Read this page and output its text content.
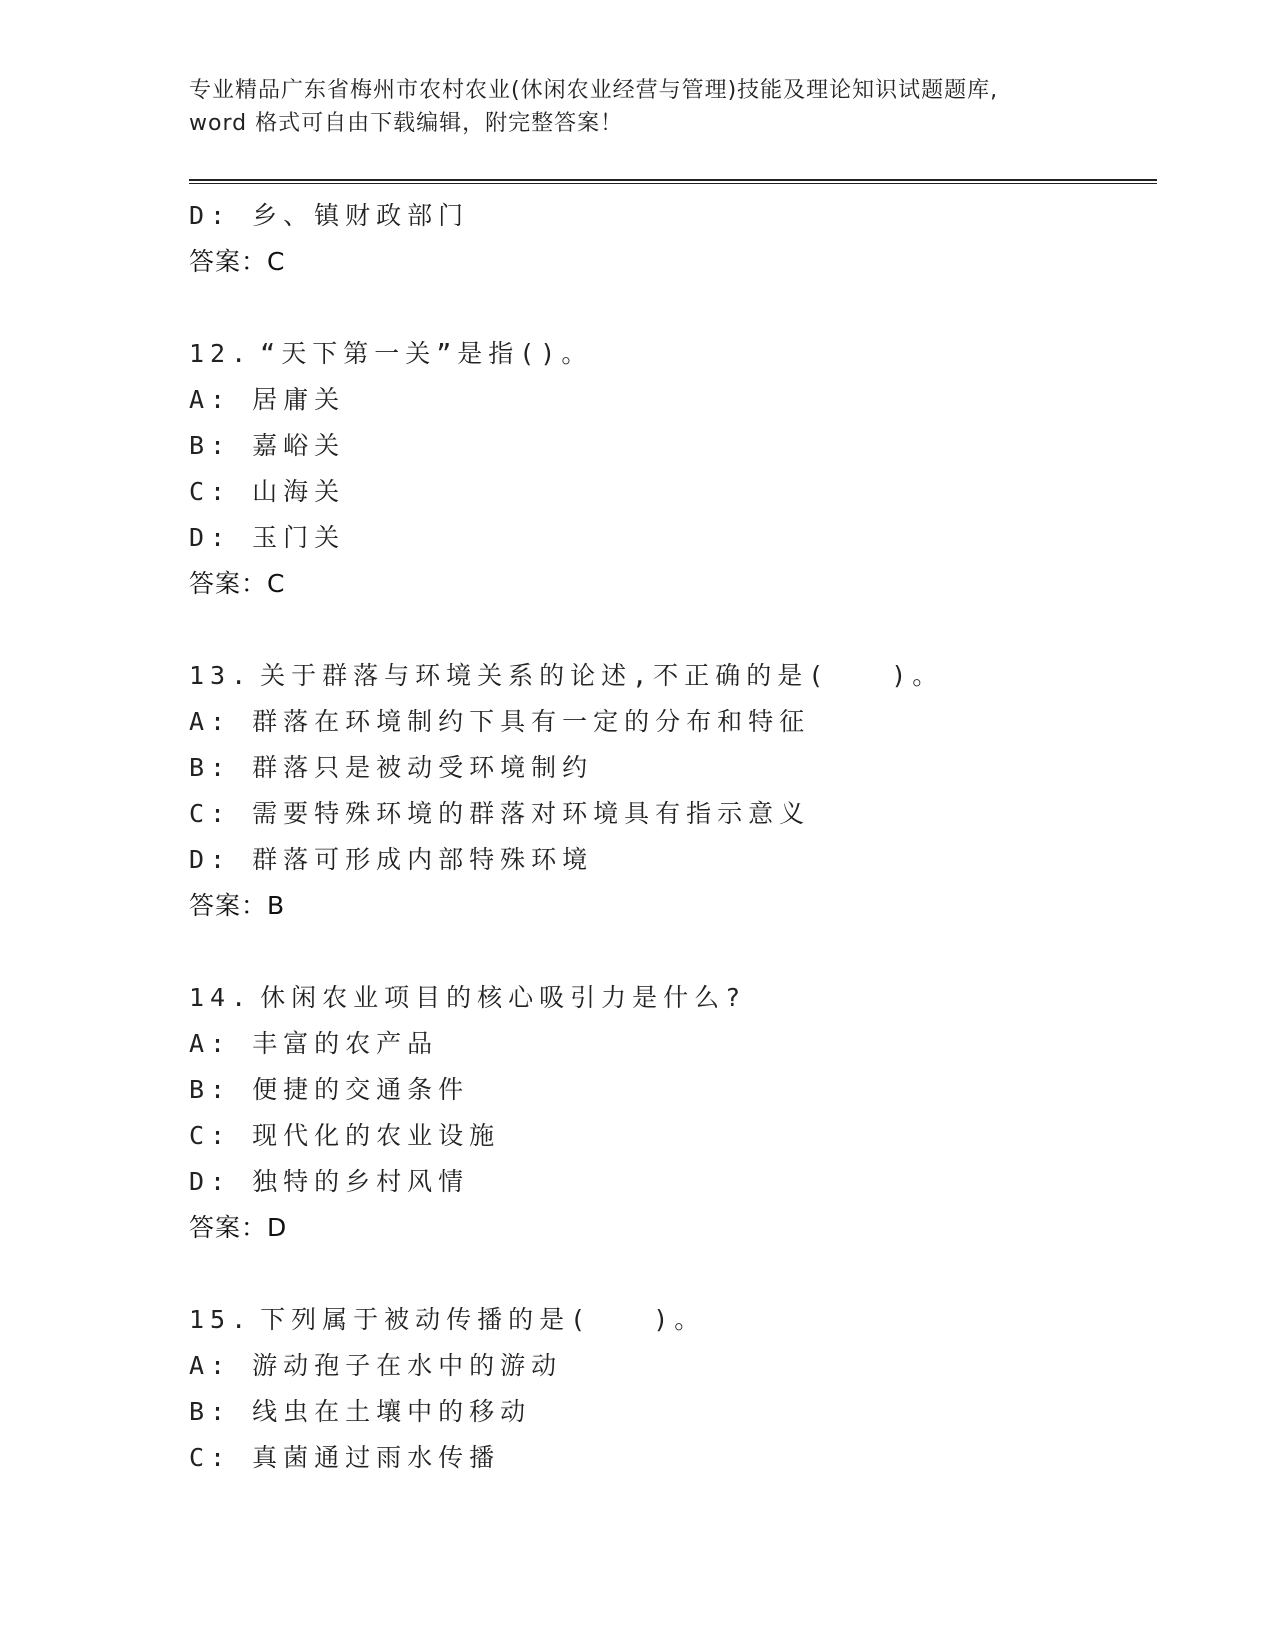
专业精品广东省梅州市农村农业(休闲农业经营与管理)技能及理论知识试题题库,
word 格式可自由下载编辑，附完整答案！
D: 乡、镇财政部门
答案：C
12. “天下第一关”是指()。
A: 居庸关
B: 嘉峪关
C: 山海关
D: 玉门关
答案：C
13. 关于群落与环境关系的论述,不正确的是(　　)。
A: 群落在环境制约下具有一定的分布和特征
B: 群落只是被动受环境制约
C: 需要特殊环境的群落对环境具有指示意义
D: 群落可形成内部特殊环境
答案：B
14. 休闲农业项目的核心吸引力是什么?
A: 丰富的农产品
B: 便捷的交通条件
C: 现代化的农业设施
D: 独特的乡村风情
答案：D
15. 下列属于被动传播的是(　　)。
A: 游动孢子在水中的游动
B: 线虫在土壤中的移动
C: 真菌通过雨水传播
